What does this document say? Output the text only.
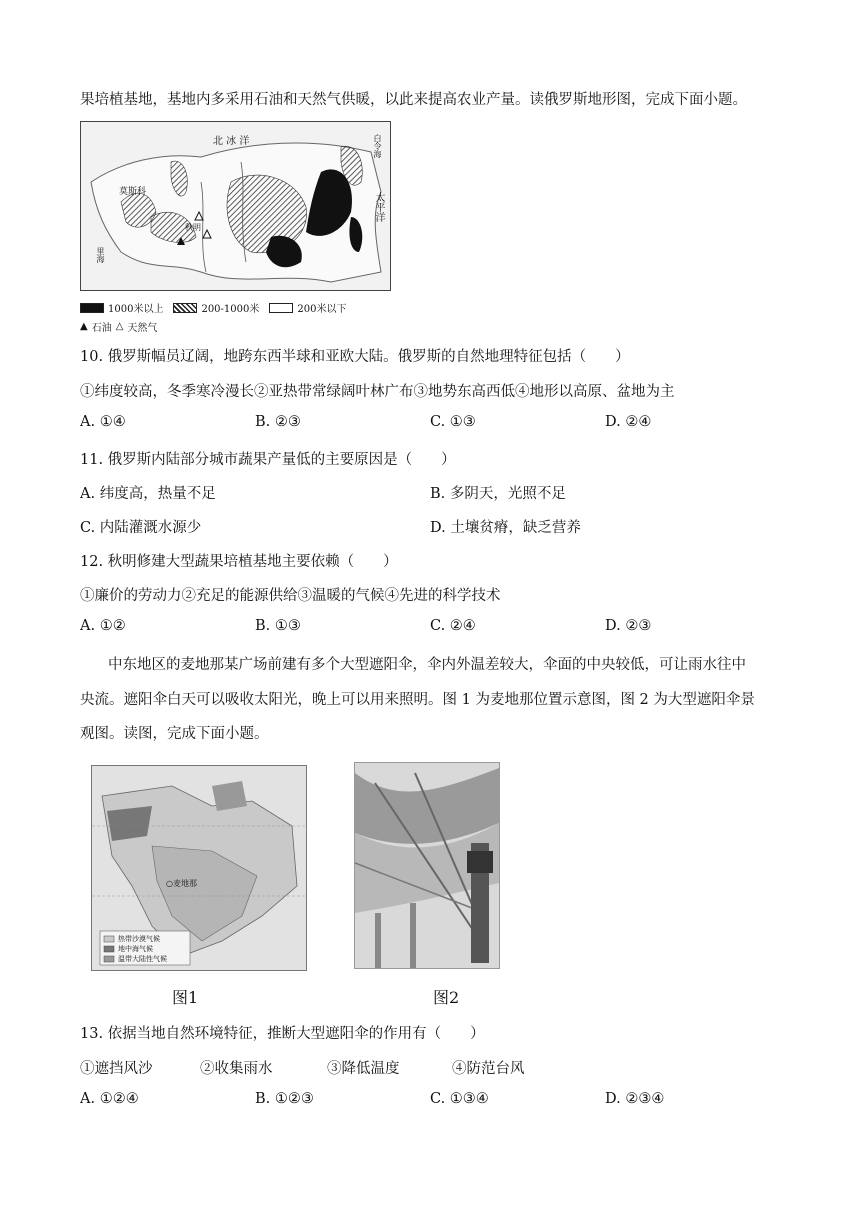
果培植基地，基地内多采用石油和天然气供暖，以此来提高农业产量。读俄罗斯地形图，完成下面小题。
北 冰 洋
莫斯科
秋明
太平洋
白令海
里海
1000米以上	200-1000米	200米以下
▲ 石油 △ 天然气
10. 俄罗斯幅员辽阔，地跨东西半球和亚欧大陆。俄罗斯的自然地理特征包括（　　）
①纬度较高，冬季寒冷漫长②亚热带常绿阔叶林广布③地势东高西低④地形以高原、盆地为主
A. ①④	B. ②③	C. ①③	D. ②④
11. 俄罗斯内陆部分城市蔬果产量低的主要原因是（　　）
A. 纬度高，热量不足	B. 多阴天，光照不足
C. 内陆灌溉水源少	D. 土壤贫瘠，缺乏营养
12. 秋明修建大型蔬果培植基地主要依赖（　　）
①廉价的劳动力②充足的能源供给③温暖的气候④先进的科学技术
A. ①②	B. ①③	C. ②④	D. ②③
中东地区的麦地那某广场前建有多个大型遮阳伞，伞内外温差较大，伞面的中央较低，可让雨水往中
央流。遮阳伞白天可以吸收太阳光，晚上可以用来照明。图 1 为麦地那位置示意图，图 2 为大型遮阳伞景
观图。读图，完成下面小题。
○麦地那
热带沙漠气候
地中海气候
温带大陆性气候
图1	图2
13. 依据当地自然环境特征，推断大型遮阳伞的作用有（　　）
①遮挡风沙	②收集雨水	③降低温度	④防范台风
A. ①②④	B. ①②③	C. ①③④	D. ②③④
